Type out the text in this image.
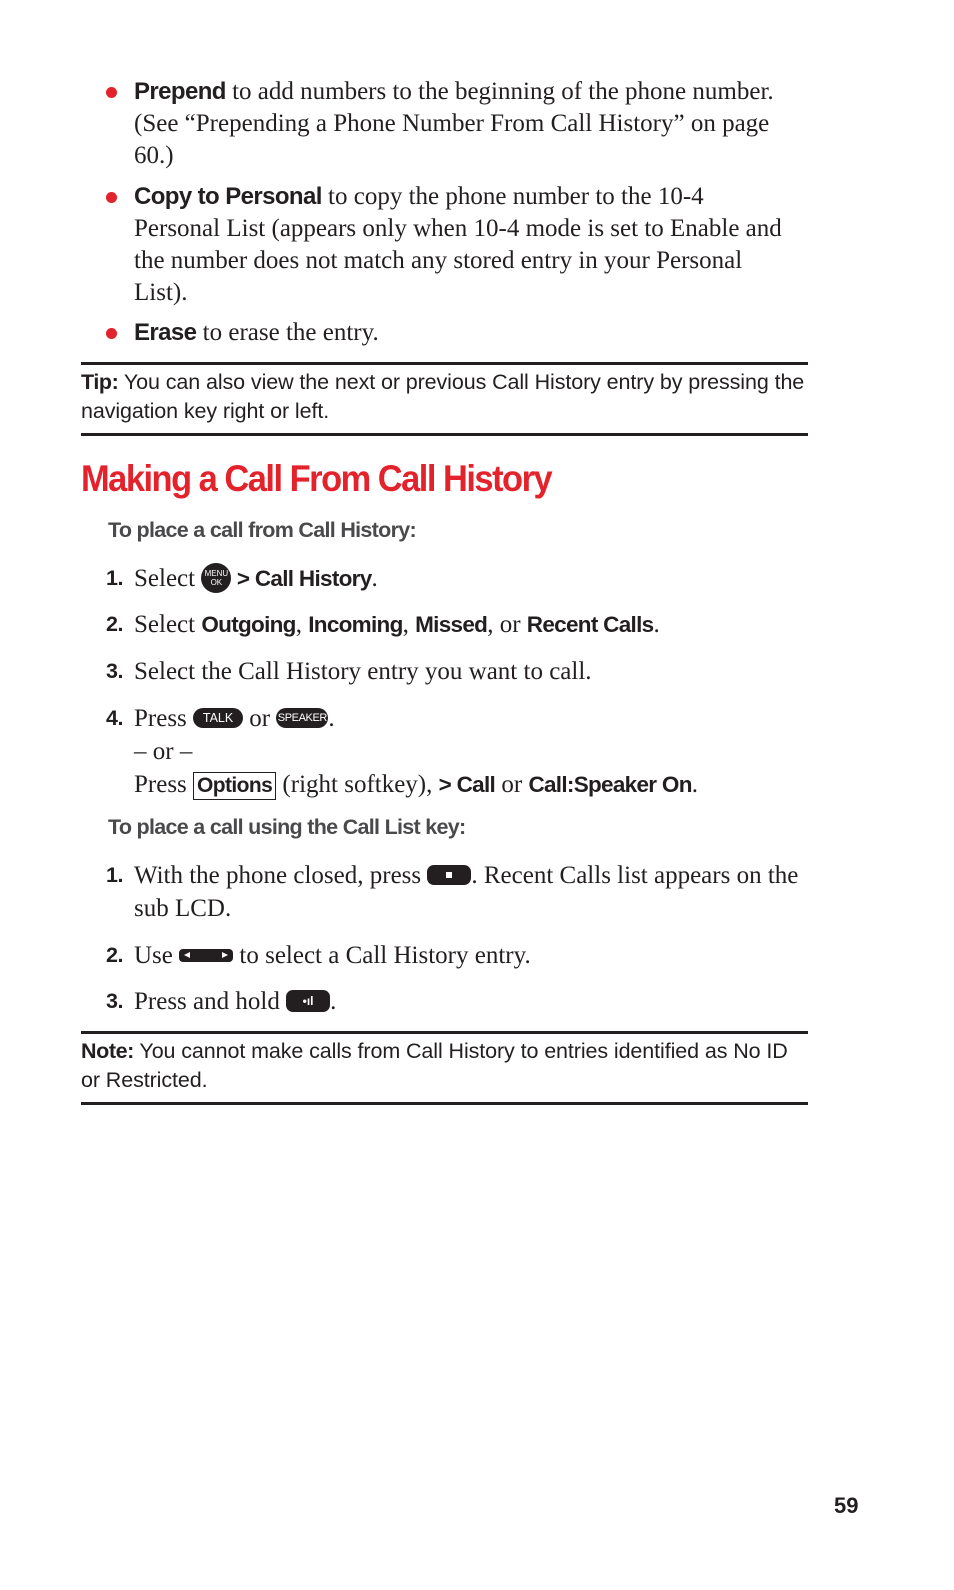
Prepend to add numbers to the beginning of the phone number. (See “Prepending a Phone Number From Call History” on page 60.)
Copy to Personal to copy the phone number to the 10-4 Personal List (appears only when 10-4 mode is set to Enable and the number does not match any stored entry in your Personal List).
Erase to erase the entry.
Tip: You can also view the next or previous Call History entry by pressing the navigation key right or left.
Making a Call From Call History
To place a call from Call History:
1. Select MENU
OK > Call History.
2. Select Outgoing, Incoming, Missed, or Recent Calls.
3. Select the Call History entry you want to call.
4. Press TALK or SPEAKER.
– or –
Press Options (right softkey), > Call or Call:Speaker On.
To place a call using the Call List key:
1. With the phone closed, press . Recent Calls list appears on the sub LCD.
2. Use
to select a Call History entry.
3. Press and hold •ıl .
Note: You cannot make calls from Call History to entries identified as No ID or Restricted.
59
